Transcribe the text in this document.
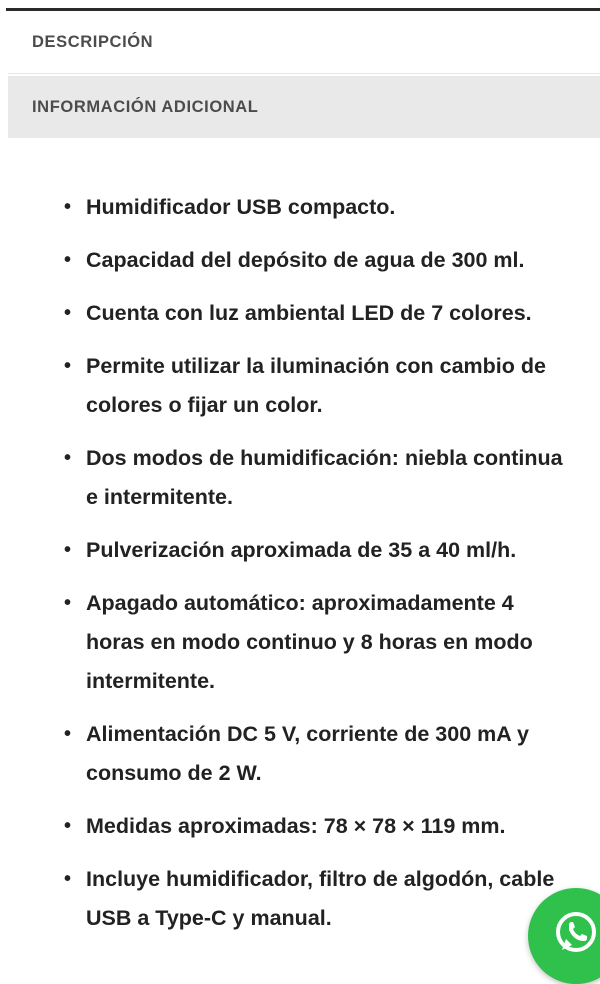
DESCRIPCIÓN
INFORMACIÓN ADICIONAL
• Humidificador USB compacto.
• Capacidad del depósito de agua de 300 ml.
• Cuenta con luz ambiental LED de 7 colores.
• Permite utilizar la iluminación con cambio de colores o fijar un color.
• Dos modos de humidificación: niebla continua e intermitente.
• Pulverización aproximada de 35 a 40 ml/h.
• Apagado automático: aproximadamente 4 horas en modo continuo y 8 horas en modo intermitente.
• Alimentación DC 5 V, corriente de 300 mA y consumo de 2 W.
• Medidas aproximadas: 78 × 78 × 119 mm.
• Incluye humidificador, filtro de algodón, cable USB a Type-C y manual.
